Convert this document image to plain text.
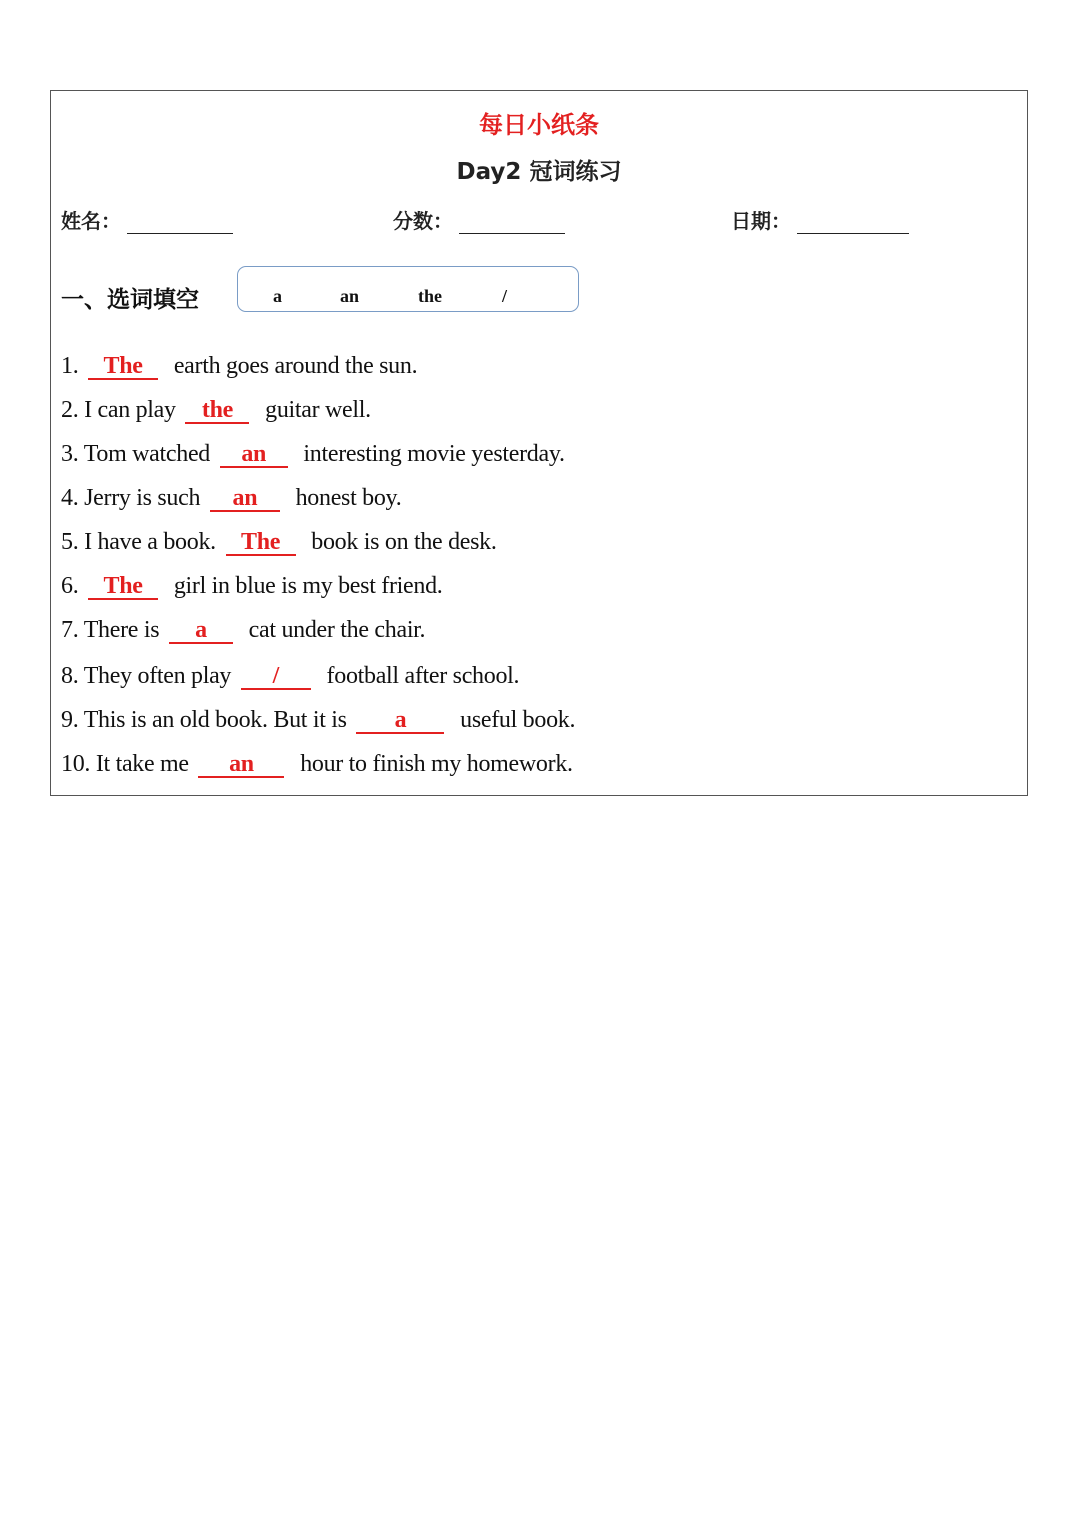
每日小纸条
Day2 冠词练习
姓名：	分数：	日期：
一、选词填空	a	an	the	/
1. The earth goes around the sun.
2. I can play the guitar well.
3. Tom watched an interesting movie yesterday.
4. Jerry is such an honest boy.
5. I have a book. The book is on the desk.
6. The girl in blue is my best friend.
7. There is a cat under the chair.
8. They often play / football after school.
9. This is an old book. But it is a useful book.
10. It take me an hour to finish my homework.
